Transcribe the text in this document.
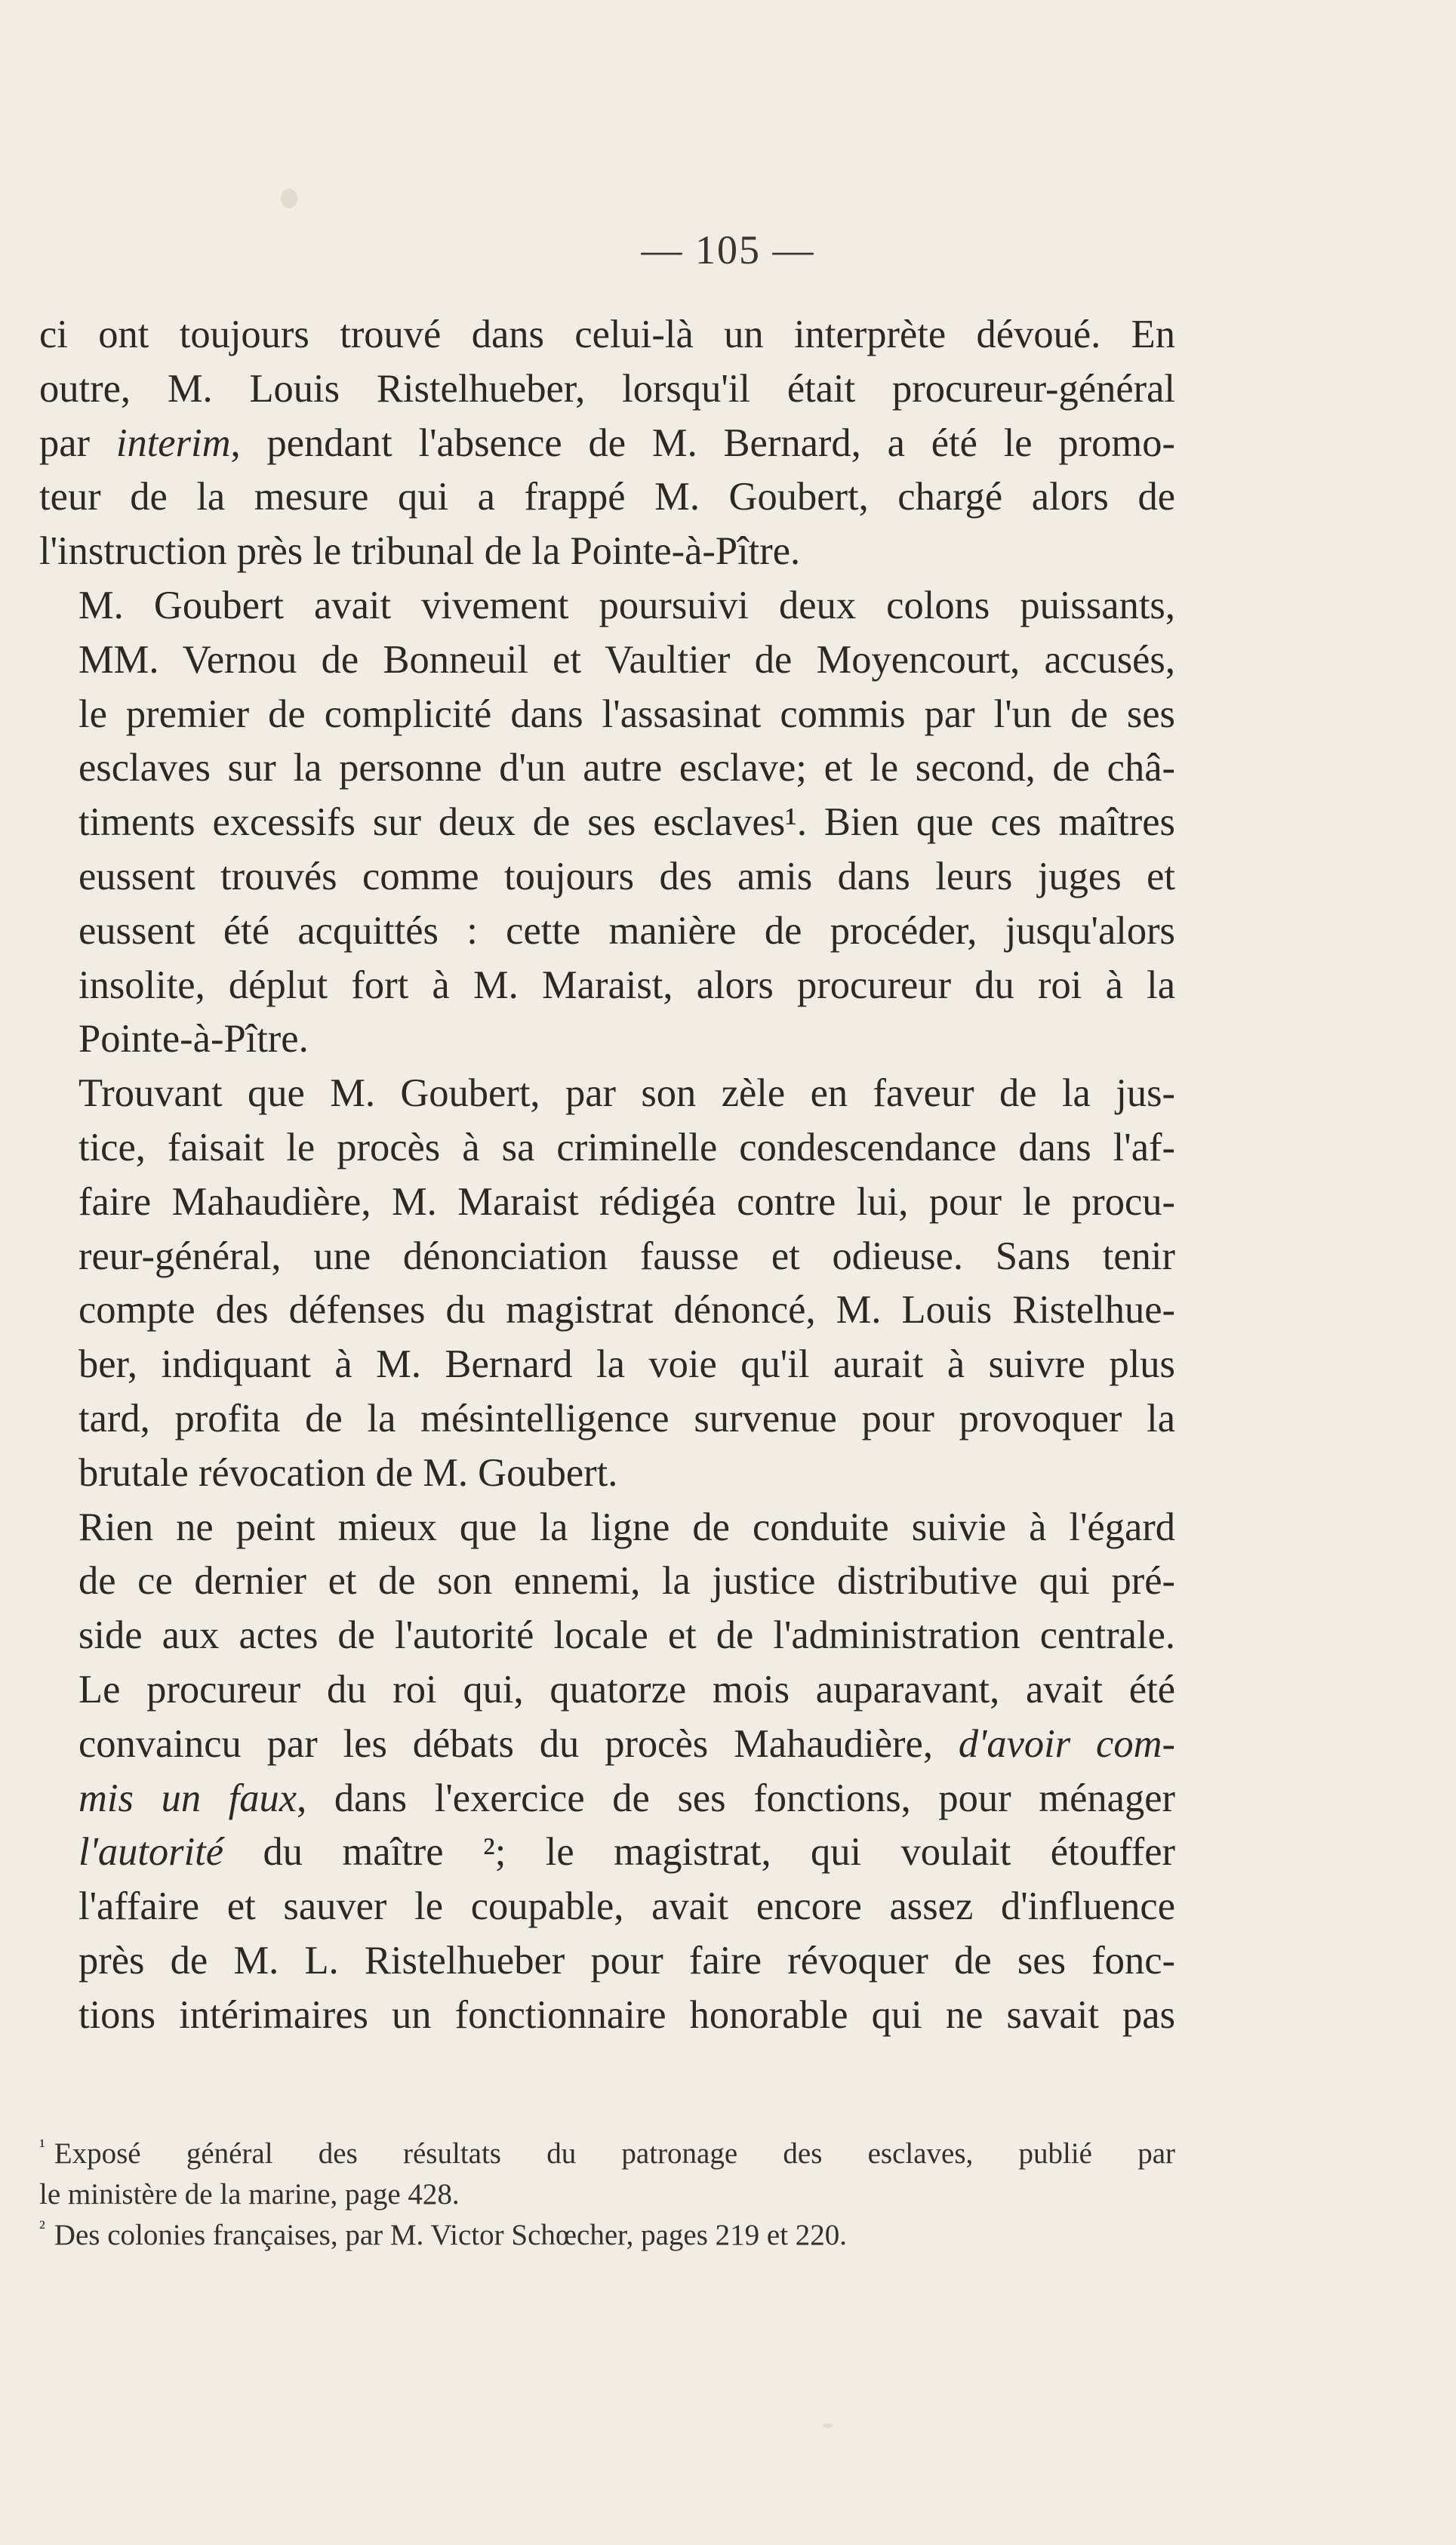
— 105 —

ci ont toujours trouvé dans celui-là un interprète dévoué. En
outre, M. Louis Ristelhueber, lorsqu'il était procureur-général
par interim, pendant l'absence de M. Bernard, a été le promo-
teur de la mesure qui a frappé M. Goubert, chargé alors de
l'instruction près le tribunal de la Pointe-à-Pître.

M. Goubert avait vivement poursuivi deux colons puissants,
MM. Vernou de Bonneuil et Vaultier de Moyencourt, accusés,
le premier de complicité dans l'assasinat commis par l'un de ses
esclaves sur la personne d'un autre esclave; et le second, de châ-
timents excessifs sur deux de ses esclaves¹. Bien que ces maîtres
eussent trouvés comme toujours des amis dans leurs juges et
eussent été acquittés : cette manière de procéder, jusqu'alors
insolite, déplut fort à M. Maraist, alors procureur du roi à la
Pointe-à-Pître.

Trouvant que M. Goubert, par son zèle en faveur de la jus-
tice, faisait le procès à sa criminelle condescendance dans l'af-
faire Mahaudière, M. Maraist rédigéa contre lui, pour le procu-
reur-général, une dénonciation fausse et odieuse. Sans tenir
compte des défenses du magistrat dénoncé, M. Louis Ristelhue-
ber, indiquant à M. Bernard la voie qu'il aurait à suivre plus
tard, profita de la mésintelligence survenue pour provoquer la
brutale révocation de M. Goubert.

Rien ne peint mieux que la ligne de conduite suivie à l'égard
de ce dernier et de son ennemi, la justice distributive qui pré-
side aux actes de l'autorité locale et de l'administration centrale.

Le procureur du roi qui, quatorze mois auparavant, avait été
convaincu par les débats du procès Mahaudière, d'avoir com-
mis un faux, dans l'exercice de ses fonctions, pour ménager
l'autorité du maître ²; le magistrat, qui voulait étouffer
l'affaire et sauver le coupable, avait encore assez d'influence
près de M. L. Ristelhueber pour faire révoquer de ses fonc-
tions intérimaires un fonctionnaire honorable qui ne savait pas

¹ Exposé général des résultats du patronage des esclaves, publié par
le ministère de la marine, page 428.
² Des colonies françaises, par M. Victor Schœcher, pages 219 et 220.
